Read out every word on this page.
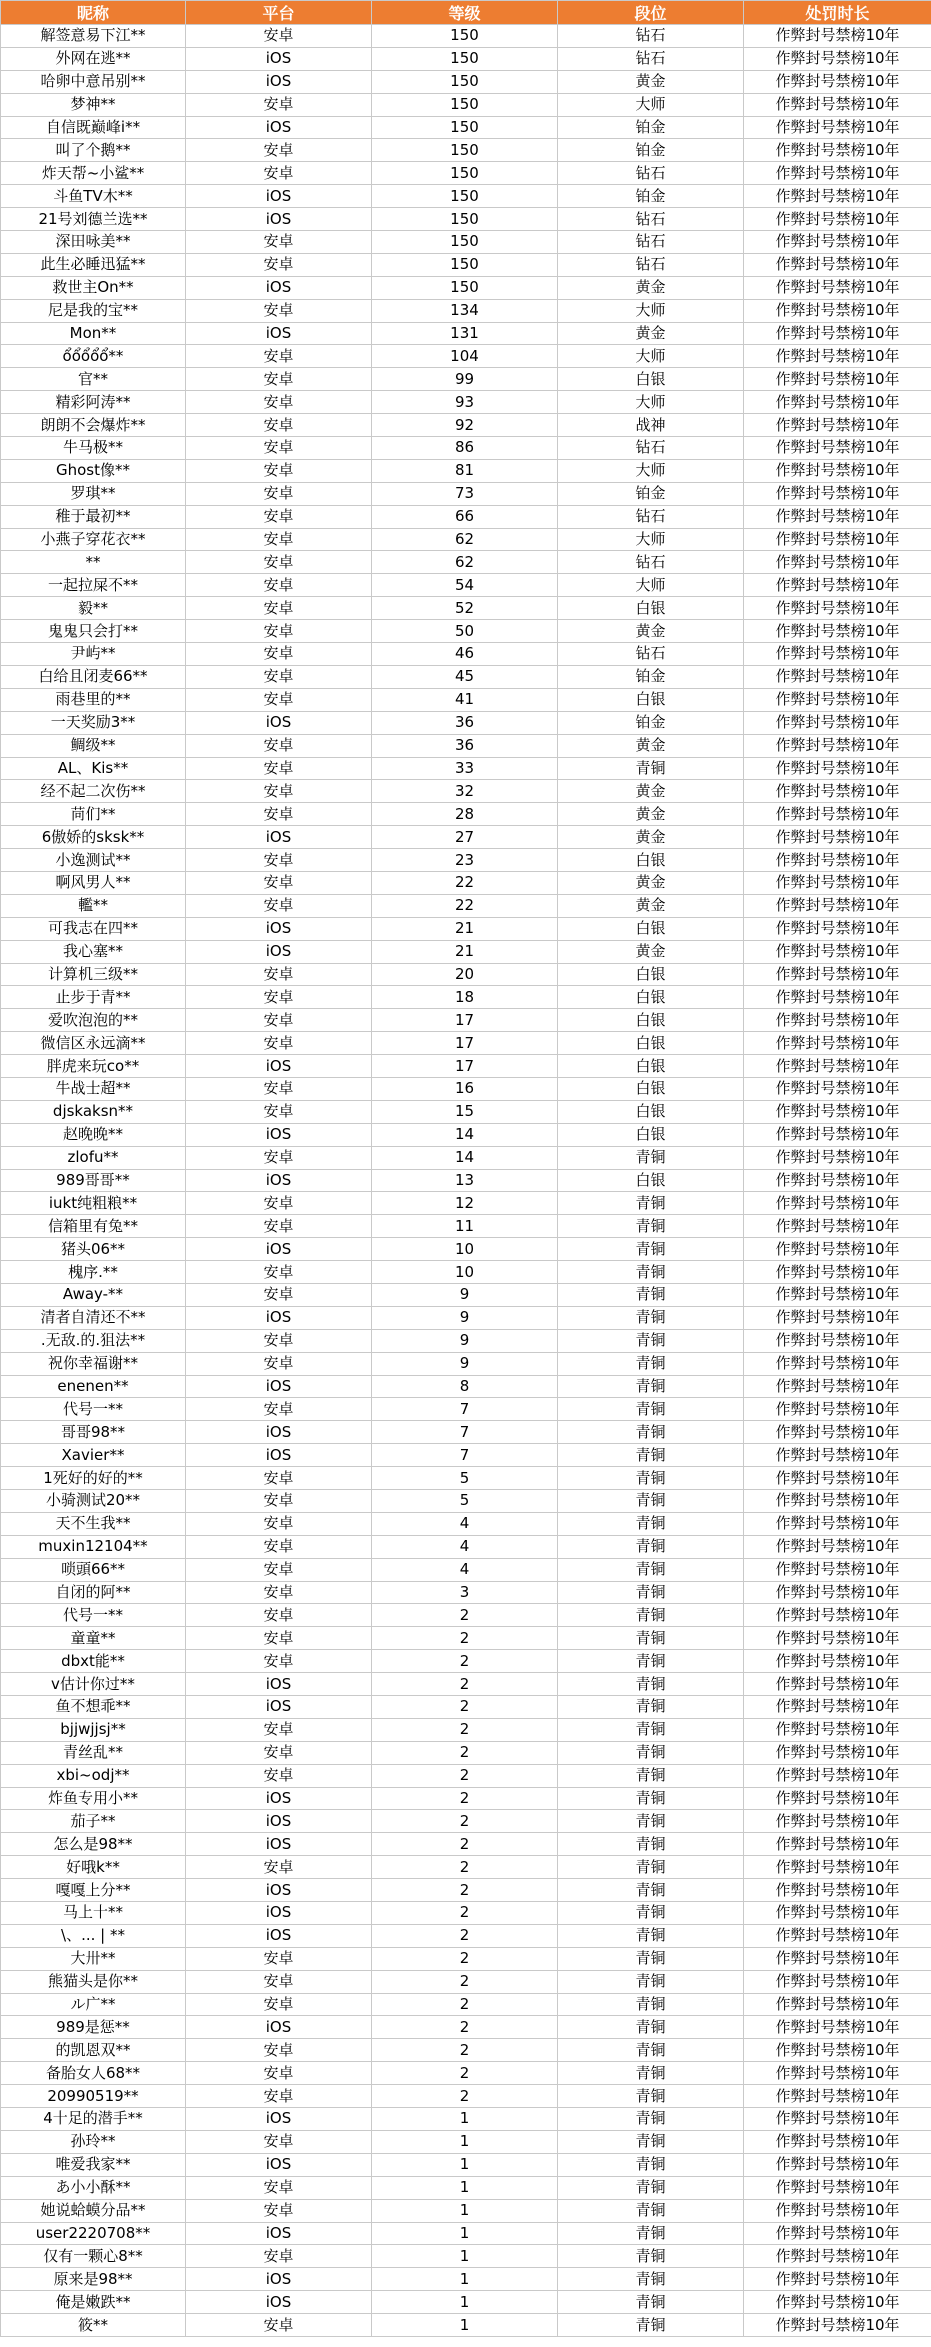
昵称	平台	等级	段位	处罚时长
解签意易下江**	安卓	150	钻石	作弊封号禁榜10年
外网在逃**	iOS	150	钻石	作弊封号禁榜10年
哈卵中意吊别**	iOS	150	黄金	作弊封号禁榜10年
梦神**	安卓	150	大师	作弊封号禁榜10年
自信既巅峰i**	iOS	150	铂金	作弊封号禁榜10年
叫了个鹅**	安卓	150	铂金	作弊封号禁榜10年
炸天帮~小鲨**	安卓	150	钻石	作弊封号禁榜10年
斗鱼TV木**	iOS	150	铂金	作弊封号禁榜10年
21号刘德兰选**	iOS	150	钻石	作弊封号禁榜10年
深田咏美**	安卓	150	钻石	作弊封号禁榜10年
此生必睡迅猛**	安卓	150	钻石	作弊封号禁榜10年
救世主On**	iOS	150	黄金	作弊封号禁榜10年
尼是我的宝**	安卓	134	大师	作弊封号禁榜10年
Mon**	iOS	131	黄金	作弊封号禁榜10年
ổổổổổ**	安卓	104	大师	作弊封号禁榜10年
官**	安卓	99	白银	作弊封号禁榜10年
精彩阿涛**	安卓	93	大师	作弊封号禁榜10年
朗朗不会爆炸**	安卓	92	战神	作弊封号禁榜10年
牛马极**	安卓	86	钻石	作弊封号禁榜10年
Ghost像**	安卓	81	大师	作弊封号禁榜10年
罗琪**	安卓	73	铂金	作弊封号禁榜10年
稚于最初**	安卓	66	钻石	作弊封号禁榜10年
小燕子穿花衣**	安卓	62	大师	作弊封号禁榜10年
**	安卓	62	钻石	作弊封号禁榜10年
一起拉屎不**	安卓	54	大师	作弊封号禁榜10年
毅**	安卓	52	白银	作弊封号禁榜10年
鬼鬼只会打**	安卓	50	黄金	作弊封号禁榜10年
尹屿**	安卓	46	钻石	作弊封号禁榜10年
白给且闭麦66**	安卓	45	铂金	作弊封号禁榜10年
雨巷里的**	安卓	41	白银	作弊封号禁榜10年
一天奖励3**	iOS	36	铂金	作弊封号禁榜10年
鲷级**	安卓	36	黄金	作弊封号禁榜10年
AL、Kis**	安卓	33	青铜	作弊封号禁榜10年
经不起二次伤**	安卓	32	黄金	作弊封号禁榜10年
苘们**	安卓	28	黄金	作弊封号禁榜10年
6傲娇的sksk**	iOS	27	黄金	作弊封号禁榜10年
小逸测试**	安卓	23	白银	作弊封号禁榜10年
啊风男人**	安卓	22	黄金	作弊封号禁榜10年
轞**	安卓	22	黄金	作弊封号禁榜10年
可我志在四**	iOS	21	白银	作弊封号禁榜10年
我心塞**	iOS	21	黄金	作弊封号禁榜10年
计算机三级**	安卓	20	白银	作弊封号禁榜10年
止步于青**	安卓	18	白银	作弊封号禁榜10年
爱吹泡泡的**	安卓	17	白银	作弊封号禁榜10年
微信区永远滴**	安卓	17	白银	作弊封号禁榜10年
胖虎来玩co**	iOS	17	白银	作弊封号禁榜10年
牛战士超**	安卓	16	白银	作弊封号禁榜10年
djskaksn**	安卓	15	白银	作弊封号禁榜10年
赵晚晚**	iOS	14	白银	作弊封号禁榜10年
zlofu**	安卓	14	青铜	作弊封号禁榜10年
989哥哥**	iOS	13	白银	作弊封号禁榜10年
iukt纯粗粮**	安卓	12	青铜	作弊封号禁榜10年
信箱里有兔**	安卓	11	青铜	作弊封号禁榜10年
猪头06**	iOS	10	青铜	作弊封号禁榜10年
槐序.**	安卓	10	青铜	作弊封号禁榜10年
Away-**	安卓	9	青铜	作弊封号禁榜10年
清者自清还不**	iOS	9	青铜	作弊封号禁榜10年
.无敌.的.狙法**	安卓	9	青铜	作弊封号禁榜10年
祝你幸福谢**	安卓	9	青铜	作弊封号禁榜10年
enenen**	iOS	8	青铜	作弊封号禁榜10年
代号一**	安卓	7	青铜	作弊封号禁榜10年
哥哥98**	iOS	7	青铜	作弊封号禁榜10年
Xavier**	iOS	7	青铜	作弊封号禁榜10年
1死好的好的**	安卓	5	青铜	作弊封号禁榜10年
小骑测试20**	安卓	5	青铜	作弊封号禁榜10年
天不生我**	安卓	4	青铜	作弊封号禁榜10年
muxin12104**	安卓	4	青铜	作弊封号禁榜10年
唢頭66**	安卓	4	青铜	作弊封号禁榜10年
自闭的阿**	安卓	3	青铜	作弊封号禁榜10年
代号一**	安卓	2	青铜	作弊封号禁榜10年
童童**	安卓	2	青铜	作弊封号禁榜10年
dbxt能**	安卓	2	青铜	作弊封号禁榜10年
v估计你过**	iOS	2	青铜	作弊封号禁榜10年
鱼不想乖**	iOS	2	青铜	作弊封号禁榜10年
bjjwjjsj**	安卓	2	青铜	作弊封号禁榜10年
青丝乱**	安卓	2	青铜	作弊封号禁榜10年
xbi~odj**	安卓	2	青铜	作弊封号禁榜10年
炸鱼专用小**	iOS	2	青铜	作弊封号禁榜10年
茄子**	iOS	2	青铜	作弊封号禁榜10年
怎么是98**	iOS	2	青铜	作弊封号禁榜10年
好哦k**	安卓	2	青铜	作弊封号禁榜10年
嘎嘎上分**	iOS	2	青铜	作弊封号禁榜10年
马上十**	iOS	2	青铜	作弊封号禁榜10年
\、... | **	iOS	2	青铜	作弊封号禁榜10年
大卅**	安卓	2	青铜	作弊封号禁榜10年
熊猫头是你**	安卓	2	青铜	作弊封号禁榜10年
ル广**	安卓	2	青铜	作弊封号禁榜10年
989是惩**	iOS	2	青铜	作弊封号禁榜10年
的凯恩双**	安卓	2	青铜	作弊封号禁榜10年
备胎女人68**	安卓	2	青铜	作弊封号禁榜10年
20990519**	安卓	2	青铜	作弊封号禁榜10年
4十足的潜手**	iOS	1	青铜	作弊封号禁榜10年
孙玲**	安卓	1	青铜	作弊封号禁榜10年
唯爱我家**	iOS	1	青铜	作弊封号禁榜10年
あ小小酥**	安卓	1	青铜	作弊封号禁榜10年
她说蛤蟆分品**	安卓	1	青铜	作弊封号禁榜10年
user2220708**	iOS	1	青铜	作弊封号禁榜10年
仅有一颗心8**	安卓	1	青铜	作弊封号禁榜10年
原来是98**	iOS	1	青铜	作弊封号禁榜10年
俺是嫩跌**	iOS	1	青铜	作弊封号禁榜10年
筱**	安卓	1	青铜	作弊封号禁榜10年
